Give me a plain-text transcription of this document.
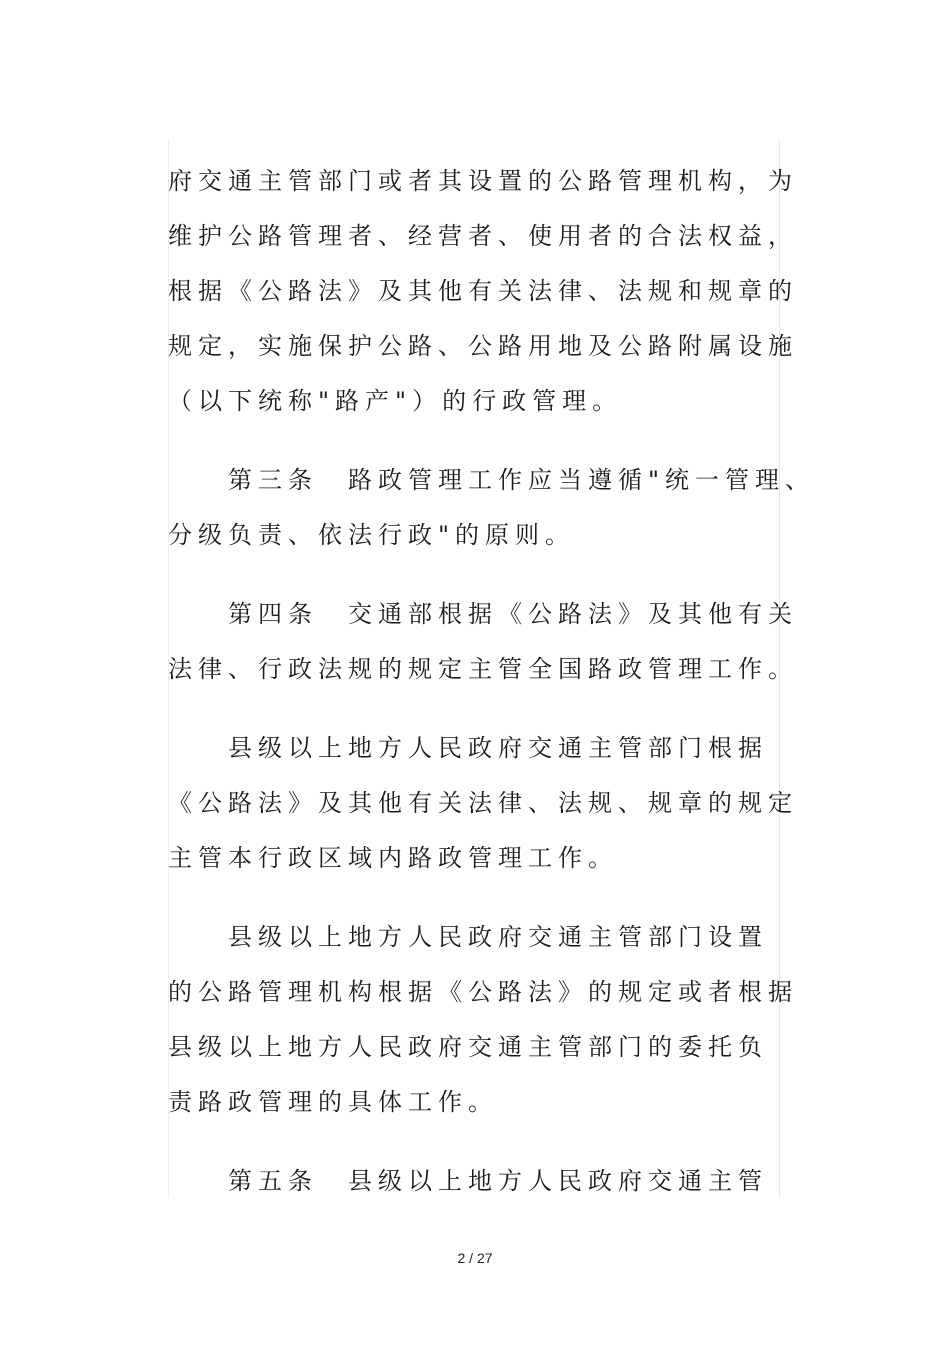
府交通主管部门或者其设置的公路管理机构，为
维护公路管理者、经营者、使用者的合法权益，
根据《公路法》及其他有关法律、法规和规章的
规定，实施保护公路、公路用地及公路附属设施
（以下统称"路产"）的行政管理。
　　第三条　路政管理工作应当遵循"统一管理、
分级负责、依法行政"的原则。
　　第四条　交通部根据《公路法》及其他有关
法律、行政法规的规定主管全国路政管理工作。
　　县级以上地方人民政府交通主管部门根据
《公路法》及其他有关法律、法规、规章的规定
主管本行政区域内路政管理工作。
　　县级以上地方人民政府交通主管部门设置
的公路管理机构根据《公路法》的规定或者根据
县级以上地方人民政府交通主管部门的委托负
责路政管理的具体工作。
　　第五条　县级以上地方人民政府交通主管
2 / 27
